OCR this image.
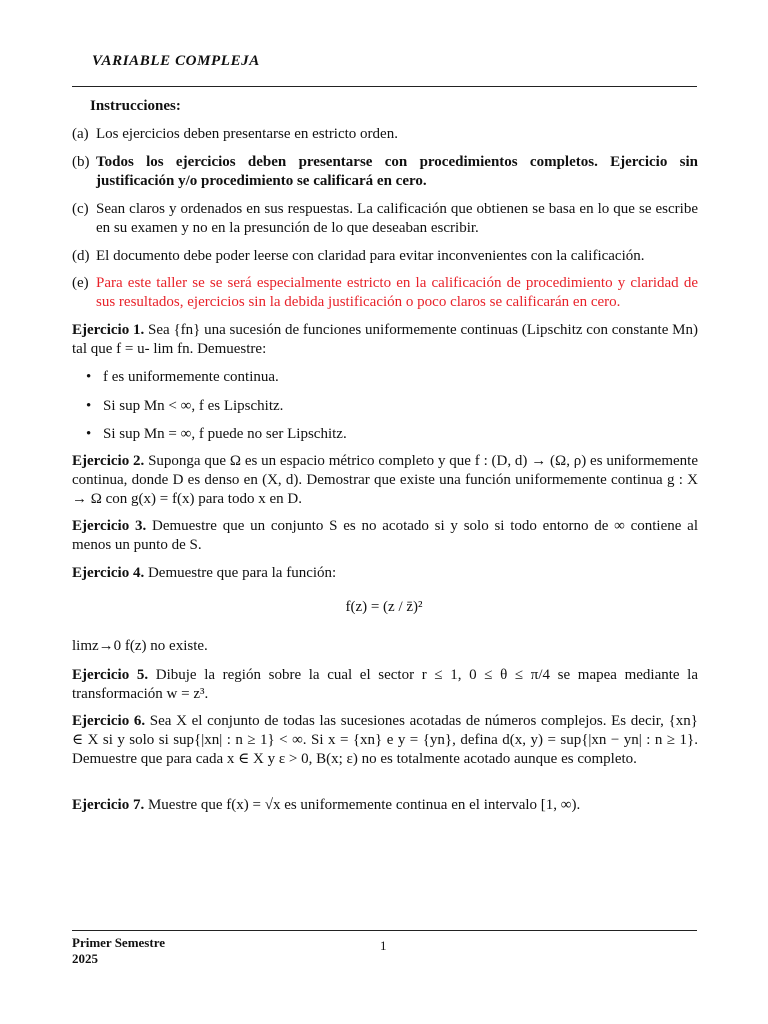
VARIABLE COMPLEJA
Instrucciones:
(a) Los ejercicios deben presentarse en estricto orden.
(b) Todos los ejercicios deben presentarse con procedimientos completos. Ejercicio sin justificación y/o procedimiento se calificará en cero.
(c) Sean claros y ordenados en sus respuestas. La calificación que obtienen se basa en lo que se escribe en su examen y no en la presunción de lo que deseaban escribir.
(d) El documento debe poder leerse con claridad para evitar inconvenientes con la calificación.
(e) Para este taller se se será especialmente estricto en la calificación de procedimiento y claridad de sus resultados, ejercicios sin la debida justificación o poco claros se calificarán en cero.
Ejercicio 1. Sea {fn} una sucesión de funciones uniformemente continuas (Lipschitz con constante Mn) tal que f = u- lim fn. Demuestre:
• f es uniformemente continua.
• Si sup Mn < ∞, f es Lipschitz.
• Si sup Mn = ∞, f puede no ser Lipschitz.
Ejercicio 2. Suponga que Ω es un espacio métrico completo y que f : (D, d) → (Ω, ρ) es uniformemente continua, donde D es denso en (X, d). Demostrar que existe una función uniformemente continua g : X → Ω con g(x) = f(x) para todo x en D.
Ejercicio 3. Demuestre que un conjunto S es no acotado si y solo si todo entorno de ∞ contiene al menos un punto de S.
Ejercicio 4. Demuestre que para la función:
f(z) = (z / z̄)²
limz→0 f(z) no existe.
Ejercicio 5. Dibuje la región sobre la cual el sector r ≤ 1, 0 ≤ θ ≤ π/4 se mapea mediante la transformación w = z³.
Ejercicio 6. Sea X el conjunto de todas las sucesiones acotadas de números complejos. Es decir, {xn} ∈ X si y solo si sup{|xn| : n ≥ 1} < ∞. Si x = {xn} e y = {yn}, defina d(x, y) = sup{|xn − yn| : n ≥ 1}. Demuestre que para cada x ∈ X y ε > 0, B(x; ε) no es totalmente acotado aunque es completo.
Ejercicio 7. Muestre que f(x) = √x es uniformemente continua en el intervalo [1, ∞).
Primer Semestre
2025
1
